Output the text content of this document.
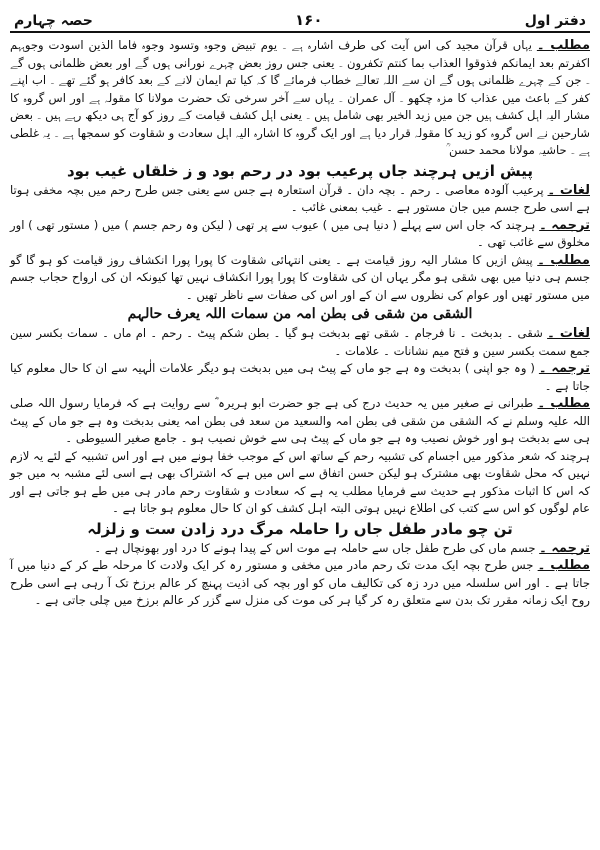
دفتر اول
۱۶۰
حصہ چہارم

مطلب ۔ یہاں قرآن مجید کی اس آیت کی طرف اشارہ ہے ۔ یوم تبیض وجوہ وتسود وجوہ فاما الذین اسودت وجوہہم اکفرتم بعد ایمانکم فذوقوا العذاب بما کنتم تکفرون ۔ یعنی جس روز بعض چہرے نورانی ہوں گے اور بعض ظلمانی ہوں گے ۔ جن کے چہرے ظلمانی ہوں گے ان سے اللہ تعالے خطاب فرمائے گا کہ کیا تم ایمان لانے کے بعد کافر ہو گئے تھے ۔ اب اپنے کفر کے باعث میں عذاب کا مزہ چکھو ۔ آل عمران ۔ یہاں سے آخر سرخی تک حضرت مولانا کا مقولہ ہے اور اس گروہ کا مشار الیہ اہل کشف ہیں جن میں زید الخیر بھی شامل ہیں ۔ یعنی اہل کشف قیامت کے روز کو آج ہی دیکھ رہے ہیں ۔ بعض شارحین نے اس گروہ کو زید کا مقولہ قرار دیا ہے اور ایک گروہ کا اشارہ الیہ اہل سعادت و شقاوت کو سمجھا ہے ۔ یہ غلطی ہے ۔ حاشیہ مولانا محمد حسن ؒ

پیش ازیں ہرچند جاں پرعیب بود در رحم بود و ز خلقاں غیب بود

لغات ۔ پرعیب آلودہ معاصی ۔ رحم ۔ بچہ دان ۔ قرآن استعارہ ہے جس سے یعنی جس طرح رحم میں بچہ مخفی ہوتا ہے اسی طرح جسم میں جان مستور ہے ۔ غیب بمعنی غائب ۔

ترجمہ ۔ ہرچند کہ جاں اس سے پہلے ( دنیا ہی میں ) عیوب سے پر تھی ( لیکن وہ رحم جسم ) میں ( مستور تھی ) اور مخلوق سے غائب تھی ۔

مطلب ۔ پیش ازیں کا مشار الیہ روز قیامت ہے ۔ یعنی انتہائی شقاوت کا پورا پورا انکشاف روز قیامت کو ہو گا گو جسم ہی دنیا میں بھی شقی ہو مگر یہاں ان کی شقاوت کا پورا پورا انکشاف نہیں تھا کیونکہ ان کی ارواح حجاب جسم میں مستور تھیں اور عوام کی نظروں سے ان کے اور اس کی صفات سے ناظر تھیں ۔

الشقی من شقی فی بطن امہ من سمات اللہ یعرف حالہم

لغات ۔ شقی ۔ بدبخت ۔ نا فرجام ۔ شقی تھے بدبخت ہو گیا ۔ بطن شکم پیٹ ۔ رحم ۔ ام ماں ۔ سمات بکسر سین جمع سمت بکسر سین و فتح میم نشانات ۔ علامات ۔

ترجمہ ۔ ( وہ جو اپنی ) بدبخت وہ ہے جو ماں کے پیٹ ہی میں بدبخت ہو دیگر علامات الٰہیہ سے ان کا حال معلوم کیا جاتا ہے ۔

مطلب ۔ طبرانی نے صغیر میں یہ حدیث درج کی ہے جو حضرت ابو ہریرہ ؓ سے روایت ہے کہ فرمایا رسول اللہ صلی اللہ علیہ وسلم نے کہ الشقی من شقی فی بطن امہ والسعید من سعد فی بطن امہ یعنی بدبخت وہ ہے جو ماں کے پیٹ ہی سے بدبخت ہو اور خوش نصیب وہ ہے جو ماں کے پیٹ ہی سے خوش نصیب ہو ۔ جامع صغیر السیوطی ۔

ہرچند کہ شعر مذکور میں اجسام کی تشبیہ رحم کے ساتھ اس کے موجب خفا ہونے میں ہے اور اس تشبیہ کے لئے یہ لازم نہیں کہ محل شقاوت بھی مشترک ہو لیکن حسن اتفاق سے اس میں ہے کہ اشتراک بھی ہے اسی لئے مشبہ بہ میں جو کہ اس کا اثبات مذکور ہے حدیث سے فرمایا مطلب یہ ہے کہ سعادت و شقاوت رحم مادر ہی میں طے ہو جاتی ہے اور عام لوگوں کو اس سے کتب کی اطلاع نہیں ہوتی البتہ اہل کشف کو ان کا حال معلوم ہو جاتا ہے ۔

تن چو مادر طفل جاں را حاملہ مرگ درد زادن ست و زلزلہ

ترجمہ ۔ جسم ماں کی طرح طفل جاں سے حاملہ ہے موت اس کے پیدا ہونے کا درد اور بھونچال ہے ۔

مطلب ۔ جس طرح بچہ ایک مدت تک رحم مادر میں مخفی و مستور رہ کر ایک ولادت کا مرحلہ طے کر کے دنیا میں آ جاتا ہے ۔ اور اس سلسلہ میں درد زہ کی تکالیف ماں کو اور بچہ کی اذیت پہنچ کر عالم برزخ تک آ رہی ہے اسی طرح روح ایک زمانہ مقرر تک بدن سے متعلق رہ کر گیا ہر کی موت کی منزل سے گزر کر عالم برزخ میں چلی جاتی ہے ۔
